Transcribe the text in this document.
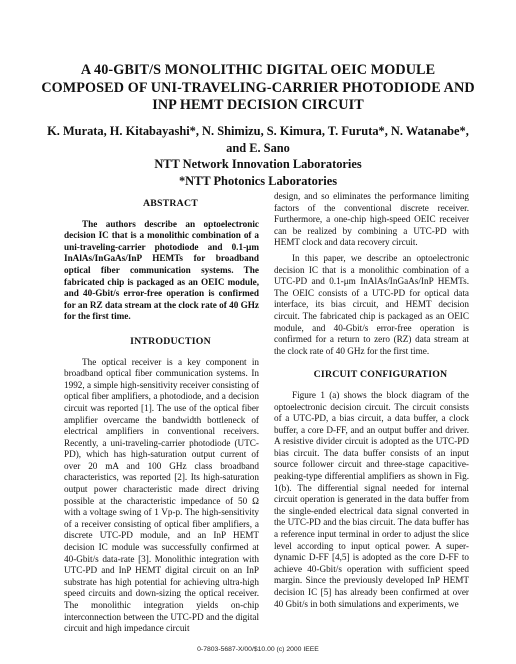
A 40-GBIT/S MONOLITHIC DIGITAL OEIC MODULE COMPOSED OF UNI-TRAVELING-CARRIER PHOTODIODE AND INP HEMT DECISION CIRCUIT
K. Murata, H. Kitabayashi*, N. Shimizu, S. Kimura, T. Furuta*, N. Watanabe*, and E. Sano
NTT Network Innovation Laboratories
*NTT Photonics Laboratories

ABSTRACT

The authors describe an optoelectronic decision IC that is a monolithic combination of a uni-traveling-carrier photodiode and 0.1-μm InAlAs/InGaAs/InP HEMTs for broadband optical fiber communication systems. The fabricated chip is packaged as an OEIC module, and 40-Gbit/s error-free operation is confirmed for an RZ data stream at the clock rate of 40 GHz for the first time.

INTRODUCTION

The optical receiver is a key component in broadband optical fiber communication systems. In 1992, a simple high-sensitivity receiver consisting of optical fiber amplifiers, a photodiode, and a decision circuit was reported [1]. The use of the optical fiber amplifier overcame the bandwidth bottleneck of electrical amplifiers in conventional receivers. Recently, a uni-traveling-carrier photodiode (UTC-PD), which has high-saturation output current of over 20 mA and 100 GHz class broadband characteristics, was reported [2]. Its high-saturation output power characteristic made direct driving possible at the characteristic impedance of 50 Ω with a voltage swing of 1 Vp-p. The high-sensitivity of a receiver consisting of optical fiber amplifiers, a discrete UTC-PD module, and an InP HEMT decision IC module was successfully confirmed at 40-Gbit/s data-rate [3]. Monolithic integration with UTC-PD and InP HEMT digital circuit on an InP substrate has high potential for achieving ultra-high speed circuits and down-sizing the optical receiver. The monolithic integration yields on-chip interconnection between the UTC-PD and the digital circuit and high impedance circuit

design, and so eliminates the performance limiting factors of the conventional discrete receiver. Furthermore, a one-chip high-speed OEIC receiver can be realized by combining a UTC-PD with HEMT clock and data recovery circuit.

In this paper, we describe an optoelectronic decision IC that is a monolithic combination of a UTC-PD and 0.1-μm InAlAs/InGaAs/InP HEMTs. The OEIC consists of a UTC-PD for optical data interface, its bias circuit, and HEMT decision circuit. The fabricated chip is packaged as an OEIC module, and 40-Gbit/s error-free operation is confirmed for a return to zero (RZ) data stream at the clock rate of 40 GHz for the first time.

CIRCUIT CONFIGURATION

Figure 1 (a) shows the block diagram of the optoelectronic decision circuit. The circuit consists of a UTC-PD, a bias circuit, a data buffer, a clock buffer, a core D-FF, and an output buffer and driver. A resistive divider circuit is adopted as the UTC-PD bias circuit. The data buffer consists of an input source follower circuit and three-stage capacitive-peaking-type differential amplifiers as shown in Fig. 1(b). The differential signal needed for internal circuit operation is generated in the data buffer from the single-ended electrical data signal converted in the UTC-PD and the bias circuit. The data buffer has a reference input terminal in order to adjust the slice level according to input optical power. A super-dynamic D-FF [4,5] is adopted as the core D-FF to achieve 40-Gbit/s operation with sufficient speed margin. Since the previously developed InP HEMT decision IC [5] has already been confirmed at over 40 Gbit/s in both simulations and experiments, we

0-7803-5687-X/00/$10.00 (c) 2000 IEEE
